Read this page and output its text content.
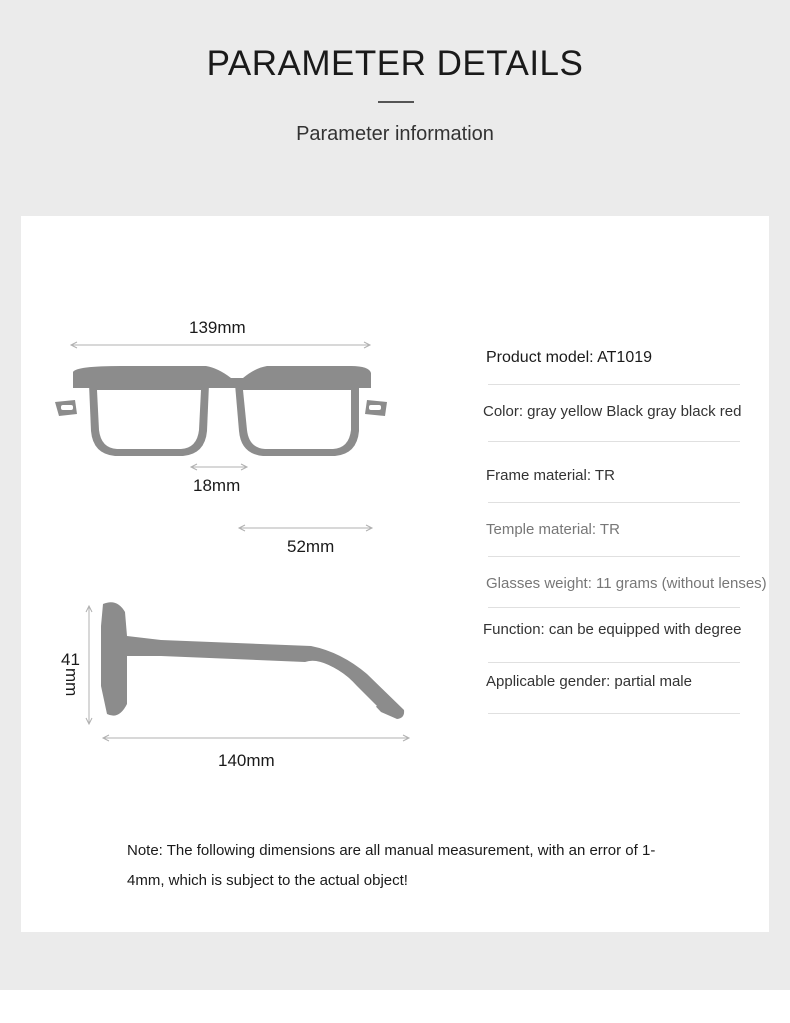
PARAMETER DETAILS
Parameter information
139mm
18mm
52mm
41
mm
140mm
Product model: AT1019
Color: gray yellow Black gray black red
Frame material: TR
Temple material: TR
Glasses weight: 11 grams (without lenses)
Function: can be equipped with degree
Applicable gender: partial male
Note: The following dimensions are all manual measurement, with an error of 1-
4mm, which is subject to the actual object!
